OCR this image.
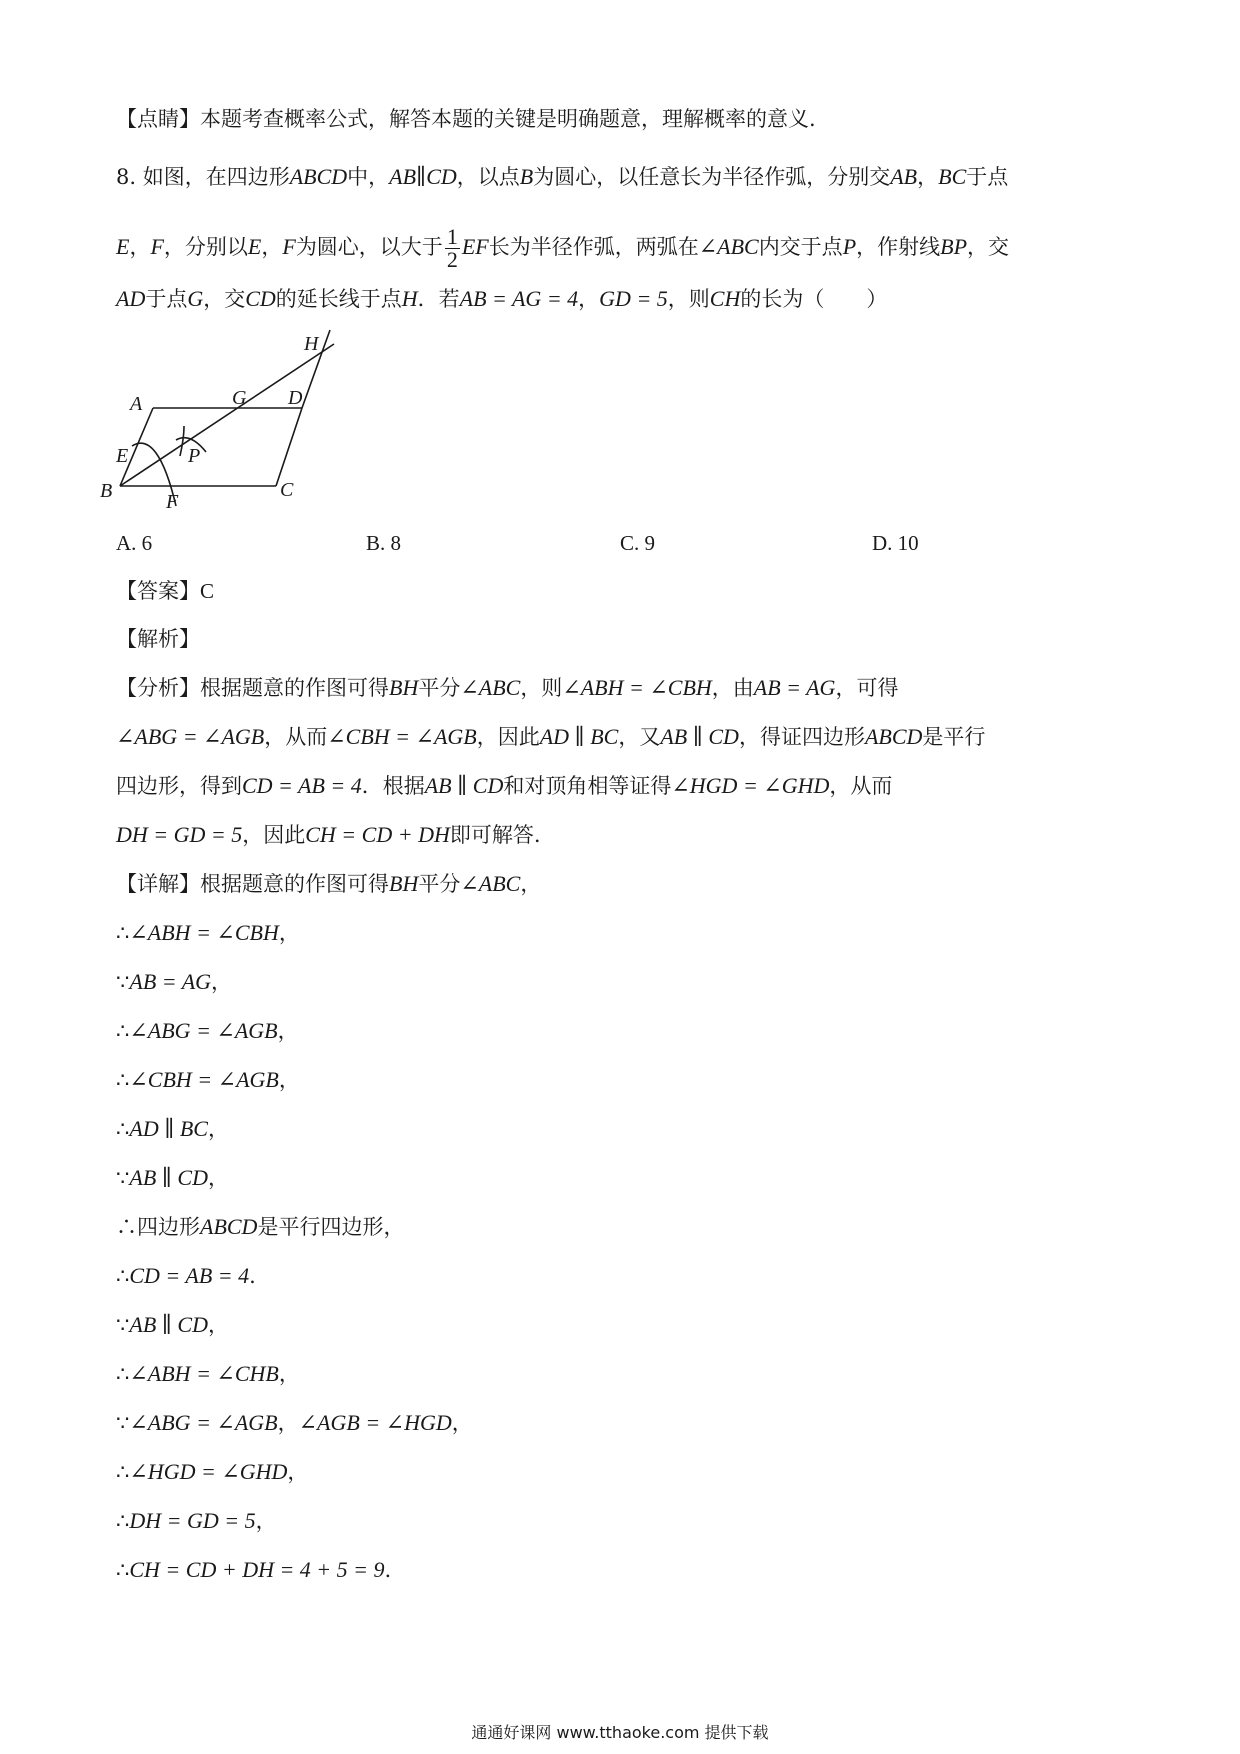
【点睛】本题考查概率公式，解答本题的关键是明确题意，理解概率的意义.
8. 如图，在四边形ABCD中，AB∥CD，以点B为圆心，以任意长为半径作弧，分别交AB，BC于点
E，F，分别以E，F为圆心，以大于 $\frac{1}{2}$ EF长为半径作弧，两弧在∠ABC内交于点P，作射线BP，交
AD于点G，交CD的延长线于点H．若AB = AG = 4，GD = 5，则CH的长为（　　）
A
B	C
D
E
F
G
H
P
A. 6	B. 8	C. 9	D. 10
【答案】C
【解析】
【分析】根据题意的作图可得BH平分∠ABC，则∠ABH = ∠CBH，由AB = AG，可得
∠ABG = ∠AGB，从而∠CBH = ∠AGB，因此AD ∥ BC，又AB ∥ CD，得证四边形ABCD是平行
四边形，得到CD = AB = 4．根据AB ∥ CD和对顶角相等证得∠HGD = ∠GHD，从而
DH = GD = 5，因此CH = CD + DH即可解答.
【详解】根据题意的作图可得BH平分∠ABC，
∴∠ABH = ∠CBH，
∵AB = AG，
∴∠ABG = ∠AGB，
∴∠CBH = ∠AGB，
∴AD ∥ BC，
∵AB ∥ CD，
∴四边形ABCD是平行四边形，
∴CD = AB = 4.
∵AB ∥ CD，
∴∠ABH = ∠CHB，
∵∠ABG = ∠AGB，∠AGB = ∠HGD，
∴∠HGD = ∠GHD，
∴DH = GD = 5，
∴CH = CD + DH = 4 + 5 = 9.
通通好课网 www.tthaoke.com 提供下载
